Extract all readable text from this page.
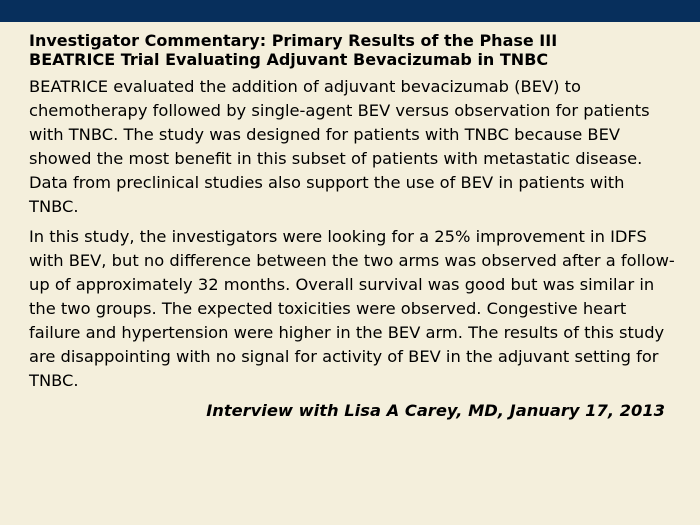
Investigator Commentary: Primary Results of the Phase III
BEATRICE Trial Evaluating Adjuvant Bevacizumab in TNBC

BEATRICE evaluated the addition of adjuvant bevacizumab (BEV) to chemotherapy followed by single-agent BEV versus observation for patients with TNBC. The study was designed for patients with TNBC because BEV showed the most benefit in this subset of patients with metastatic disease. Data from preclinical studies also support the use of BEV in patients with TNBC.

In this study, the investigators were looking for a 25% improvement in IDFS with BEV, but no difference between the two arms was observed after a follow-up of approximately 32 months. Overall survival was good but was similar in the two groups. The expected toxicities were observed. Congestive heart failure and hypertension were higher in the BEV arm. The results of this study are disappointing with no signal for activity of BEV in the adjuvant setting for TNBC.

Interview with Lisa A Carey, MD, January 17, 2013
